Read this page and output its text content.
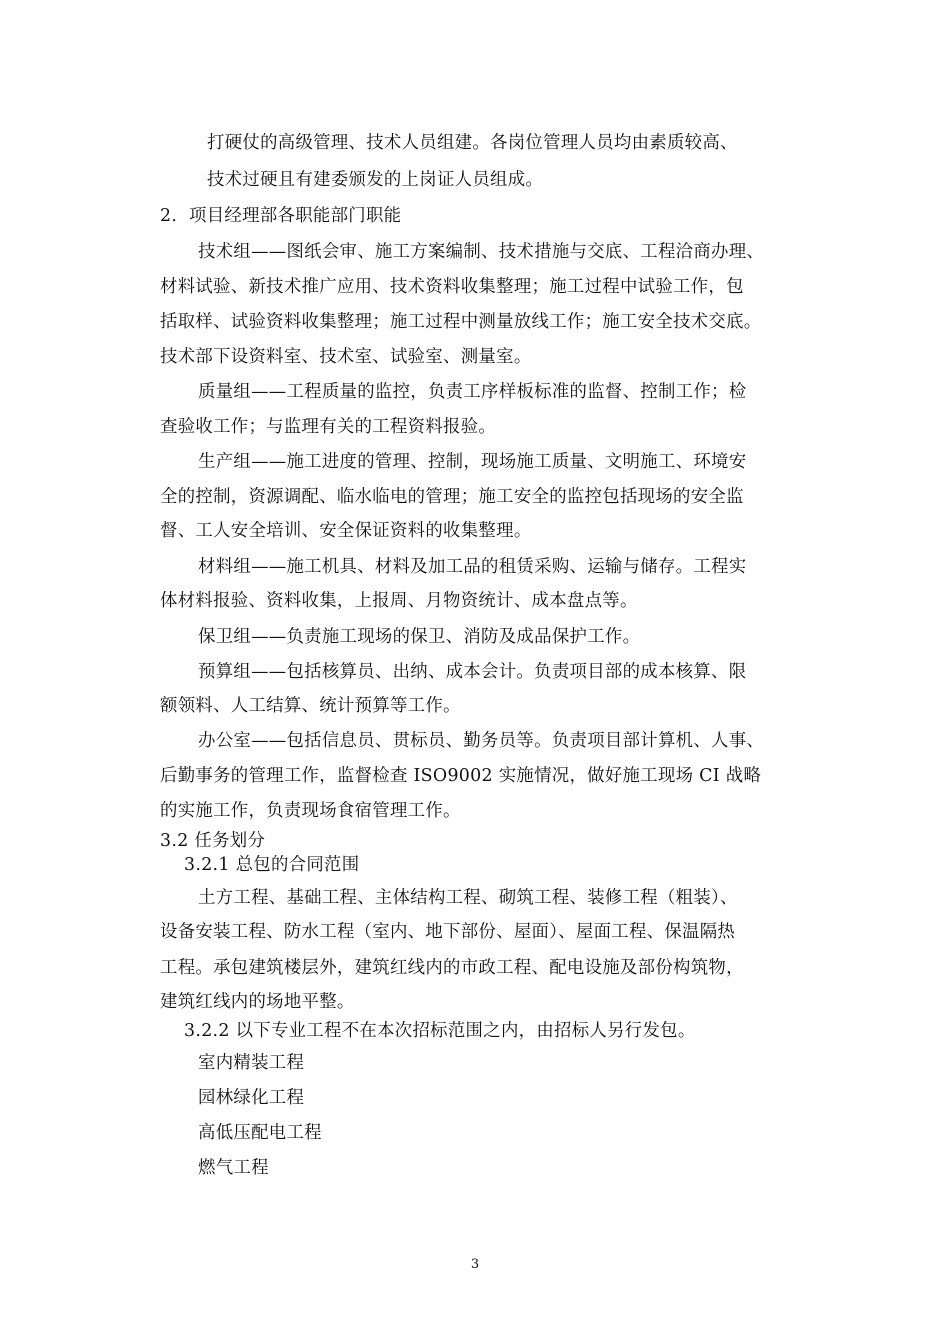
打硬仗的高级管理、技术人员组建。各岗位管理人员均由素质较高、

技术过硬且有建委颁发的上岗证人员组成。

2．项目经理部各职能部门职能

技术组——图纸会审、施工方案编制、技术措施与交底、工程洽商办理、

材料试验、新技术推广应用、技术资料收集整理；施工过程中试验工作，包

括取样、试验资料收集整理；施工过程中测量放线工作；施工安全技术交底。

技术部下设资料室、技术室、试验室、测量室。

质量组——工程质量的监控，负责工序样板标准的监督、控制工作；检

查验收工作；与监理有关的工程资料报验。

生产组——施工进度的管理、控制，现场施工质量、文明施工、环境安

全的控制，资源调配、临水临电的管理；施工安全的监控包括现场的安全监

督、工人安全培训、安全保证资料的收集整理。

材料组——施工机具、材料及加工品的租赁采购、运输与储存。工程实

体材料报验、资料收集，上报周、月物资统计、成本盘点等。

保卫组——负责施工现场的保卫、消防及成品保护工作。

预算组——包括核算员、出纳、成本会计。负责项目部的成本核算、限

额领料、人工结算、统计预算等工作。

办公室——包括信息员、贯标员、勤务员等。负责项目部计算机、人事、

后勤事务的管理工作，监督检查 ISO9002 实施情况，做好施工现场 CI 战略

的实施工作，负责现场食宿管理工作。

3.2 任务划分

3.2.1 总包的合同范围

土方工程、基础工程、主体结构工程、砌筑工程、装修工程（粗装）、

设备安装工程、防水工程（室内、地下部份、屋面）、屋面工程、保温隔热

工程。承包建筑楼层外，建筑红线内的市政工程、配电设施及部份构筑物，

建筑红线内的场地平整。

3.2.2 以下专业工程不在本次招标范围之内，由招标人另行发包。

室内精装工程

园林绿化工程

高低压配电工程

燃气工程

3
